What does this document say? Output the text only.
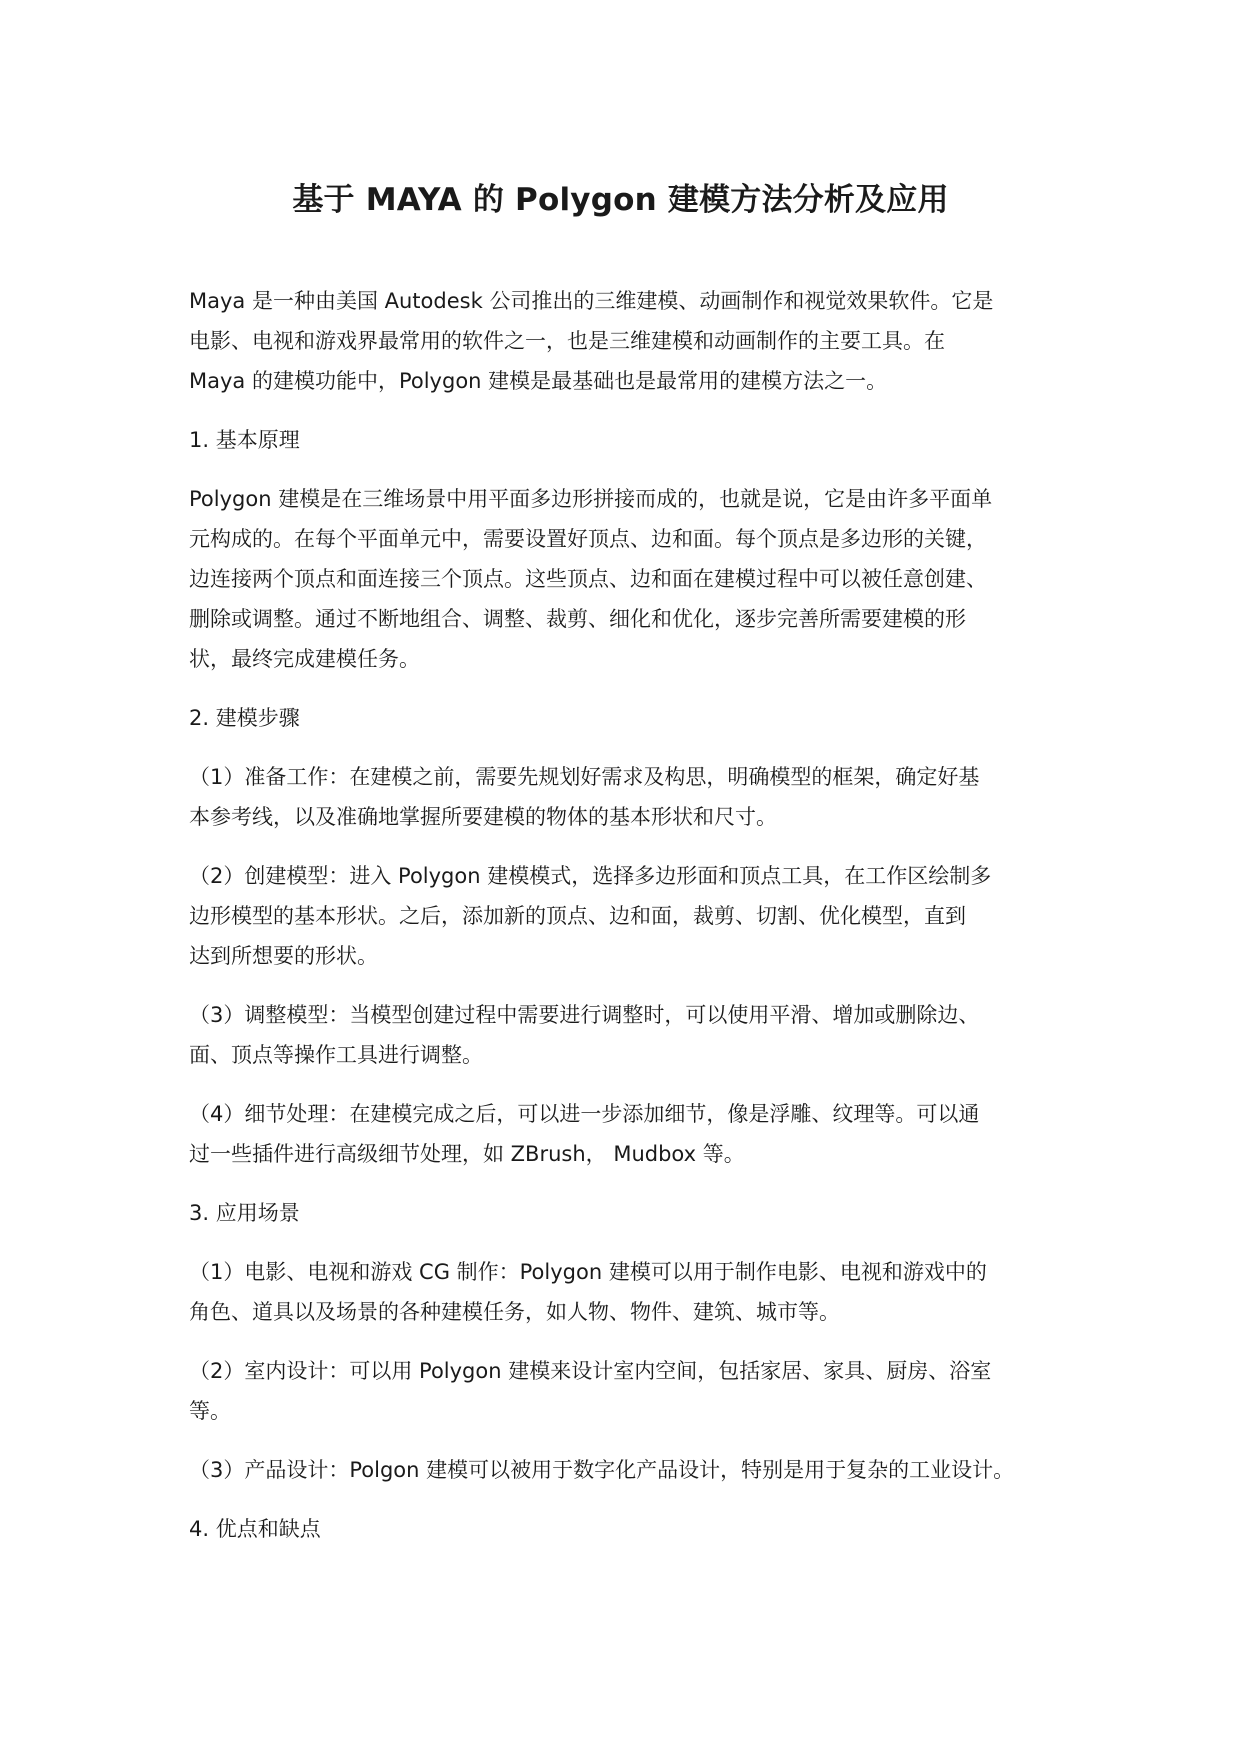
基于 MAYA 的 Polygon 建模方法分析及应用

Maya 是一种由美国 Autodesk 公司推出的三维建模、动画制作和视觉效果软件。它是
电影、电视和游戏界最常用的软件之一，也是三维建模和动画制作的主要工具。在
Maya 的建模功能中，Polygon 建模是最基础也是最常用的建模方法之一。

1. 基本原理

Polygon 建模是在三维场景中用平面多边形拼接而成的，也就是说，它是由许多平面单
元构成的。在每个平面单元中，需要设置好顶点、边和面。每个顶点是多边形的关键，
边连接两个顶点和面连接三个顶点。这些顶点、边和面在建模过程中可以被任意创建、
删除或调整。通过不断地组合、调整、裁剪、细化和优化，逐步完善所需要建模的形
状，最终完成建模任务。

2. 建模步骤

（1）准备工作：在建模之前，需要先规划好需求及构思，明确模型的框架，确定好基
本参考线，以及准确地掌握所要建模的物体的基本形状和尺寸。

（2）创建模型：进入 Polygon 建模模式，选择多边形面和顶点工具，在工作区绘制多
边形模型的基本形状。之后，添加新的顶点、边和面，裁剪、切割、优化模型，直到
达到所想要的形状。

（3）调整模型：当模型创建过程中需要进行调整时，可以使用平滑、增加或删除边、
面、顶点等操作工具进行调整。

（4）细节处理：在建模完成之后，可以进一步添加细节，像是浮雕、纹理等。可以通
过一些插件进行高级细节处理，如 ZBrush， Mudbox 等。

3. 应用场景

（1）电影、电视和游戏 CG 制作：Polygon 建模可以用于制作电影、电视和游戏中的
角色、道具以及场景的各种建模任务，如人物、物件、建筑、城市等。

（2）室内设计：可以用 Polygon 建模来设计室内空间，包括家居、家具、厨房、浴室
等。

（3）产品设计：Polgon 建模可以被用于数字化产品设计，特别是用于复杂的工业设计。

4. 优点和缺点
